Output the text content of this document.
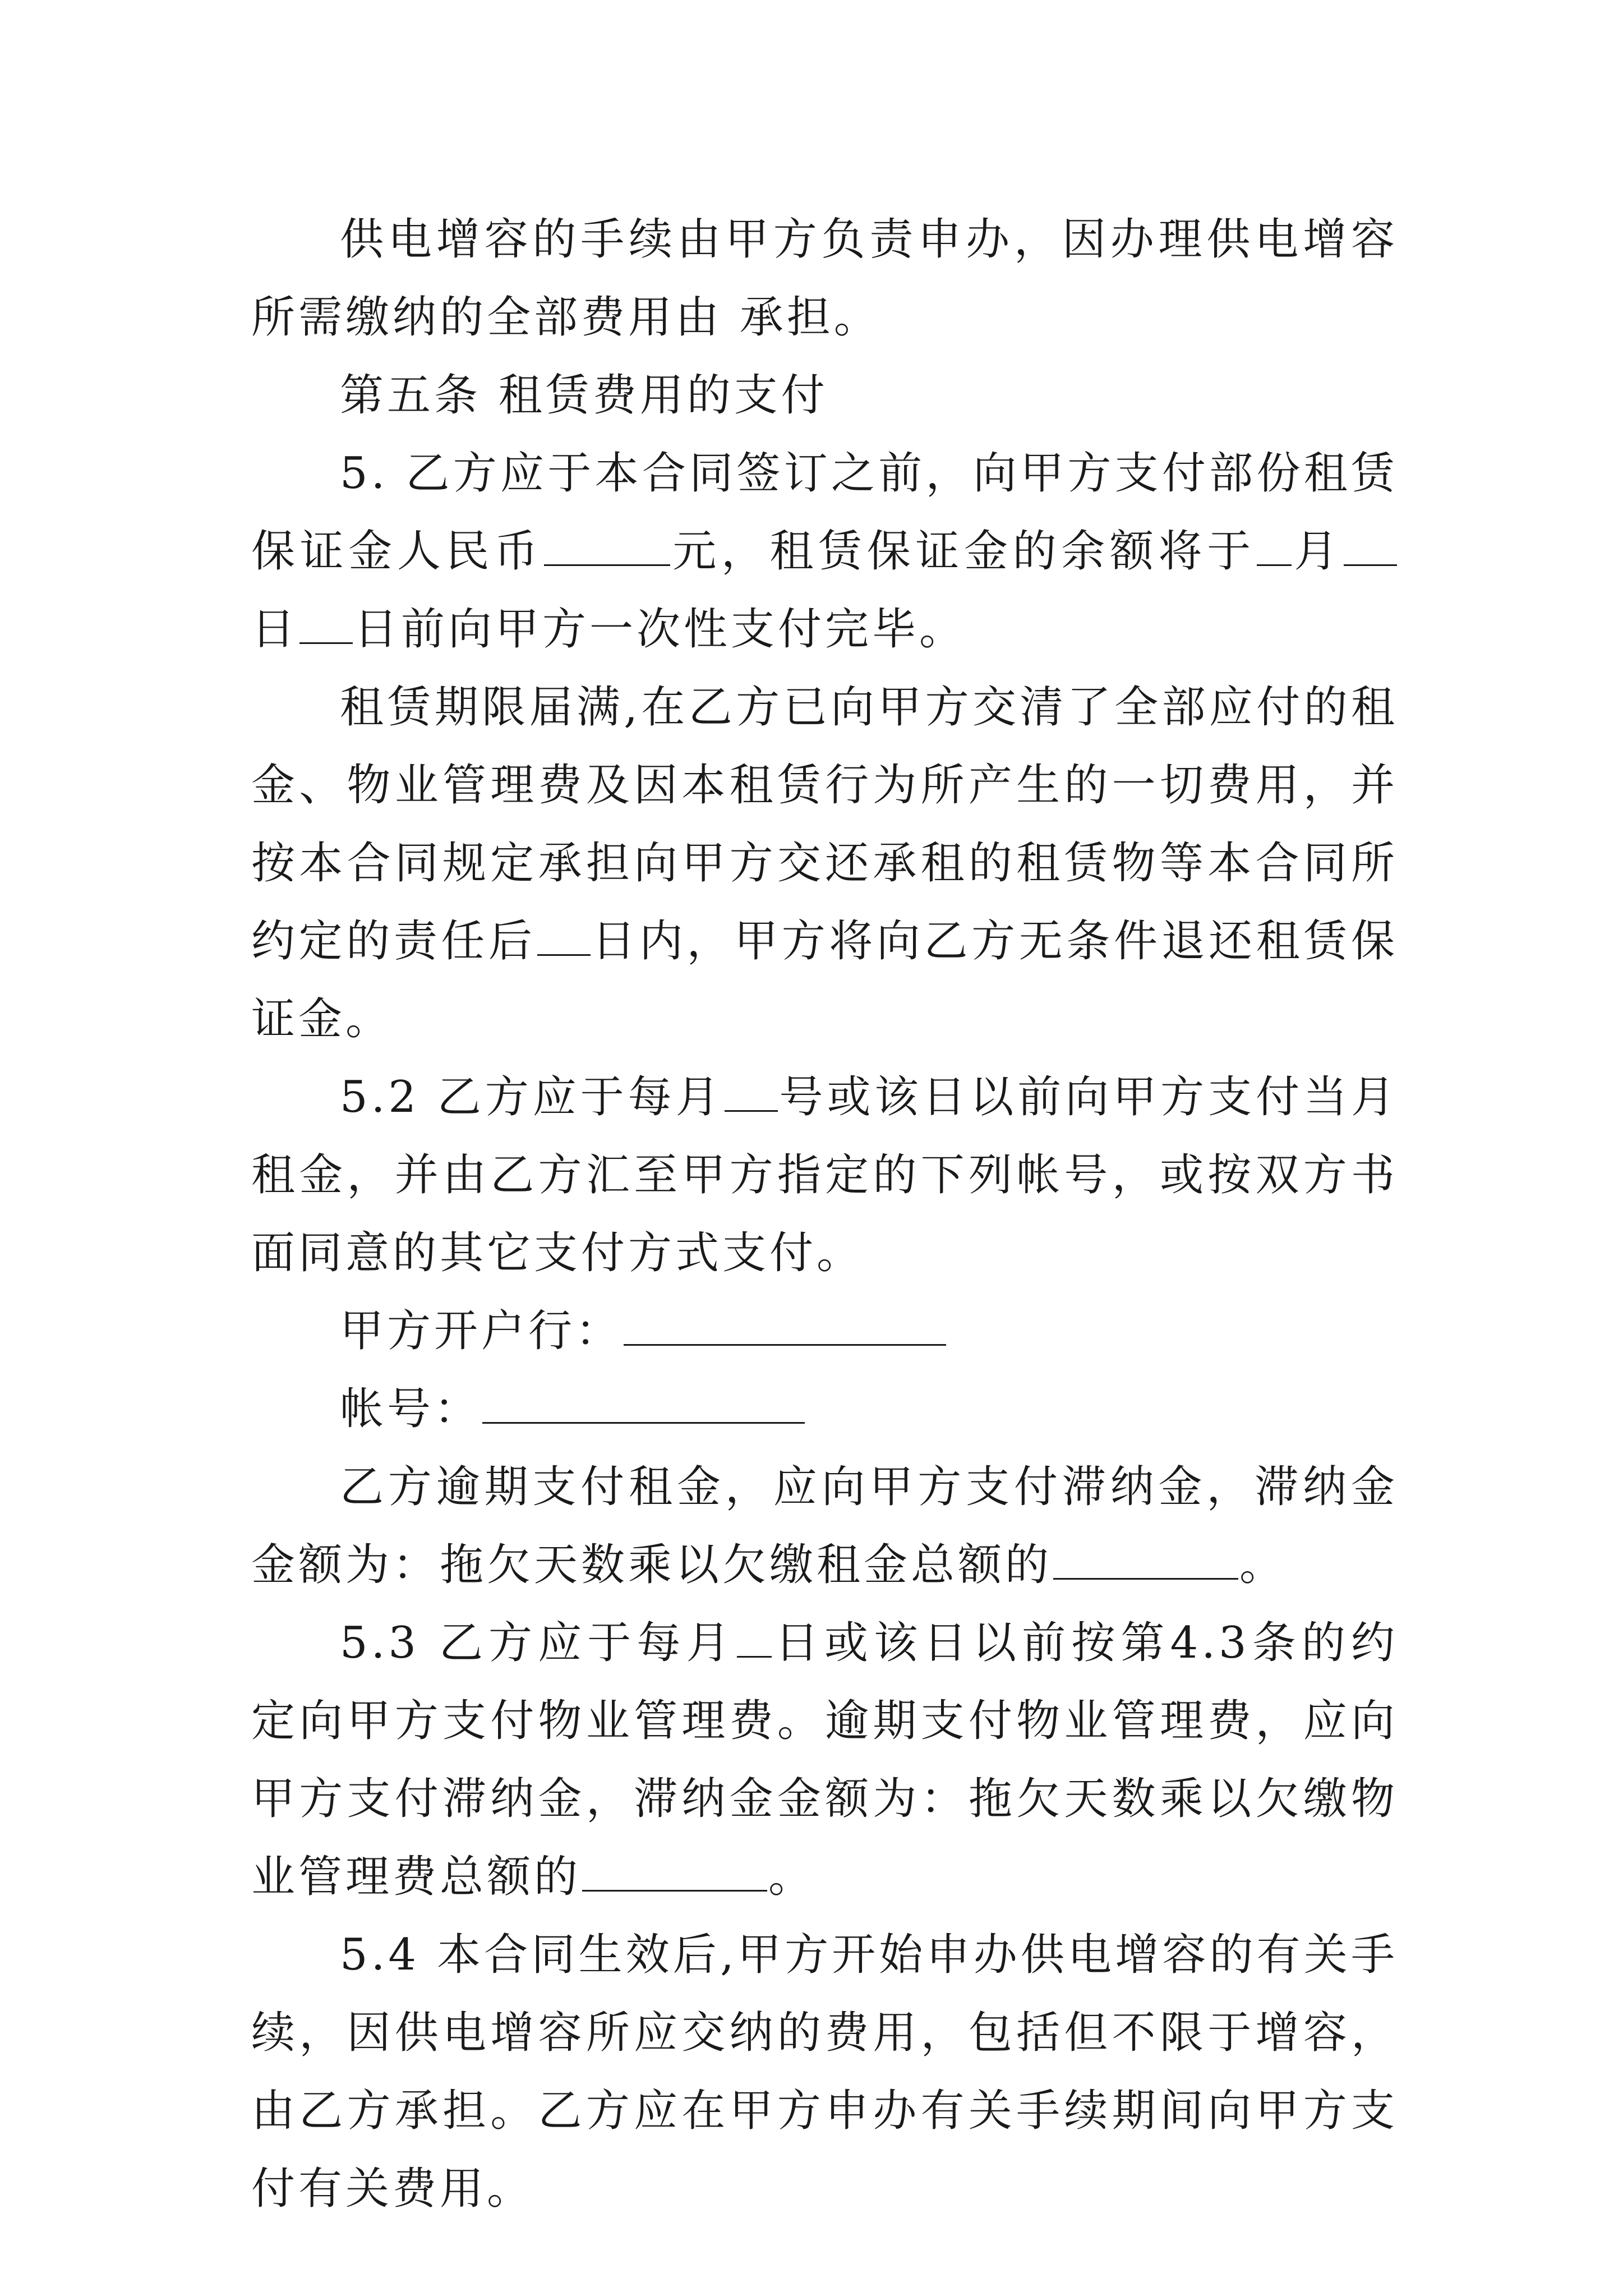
供电增容的手续由甲方负责申办，因办理供电增容所需缴纳的全部费用由 承担。

第五条 租赁费用的支付

5. 乙方应于本合同签订之前，向甲方支付部份租赁保证金人民币	元，租赁保证金的余额将于 月日 日前向甲方一次性支付完毕。

租赁期限届满,在乙方已向甲方交清了全部应付的租金、物业管理费及因本租赁行为所产生的一切费用，并按本合同规定承担向甲方交还承租的租赁物等本合同所约定的责任后 日内，甲方将向乙方无条件退还租赁保证金。

5.2 乙方应于每月 号或该日以前向甲方支付当月租金，并由乙方汇至甲方指定的下列帐号，或按双方书面同意的其它支付方式支付。

甲方开户行：

帐号：

乙方逾期支付租金，应向甲方支付滞纳金，滞纳金金额为：拖欠天数乘以欠缴租金总额的	。

5.3 乙方应于每月 日或该日以前按第4.3条的约定向甲方支付物业管理费。逾期支付物业管理费，应向甲方支付滞纳金，滞纳金金额为：拖欠天数乘以欠缴物业管理费总额的	。

5.4 本合同生效后,甲方开始申办供电增容的有关手续，因供电增容所应交纳的费用，包括但不限于增容，由乙方承担。乙方应在甲方申办有关手续期间向甲方支付有关费用。
